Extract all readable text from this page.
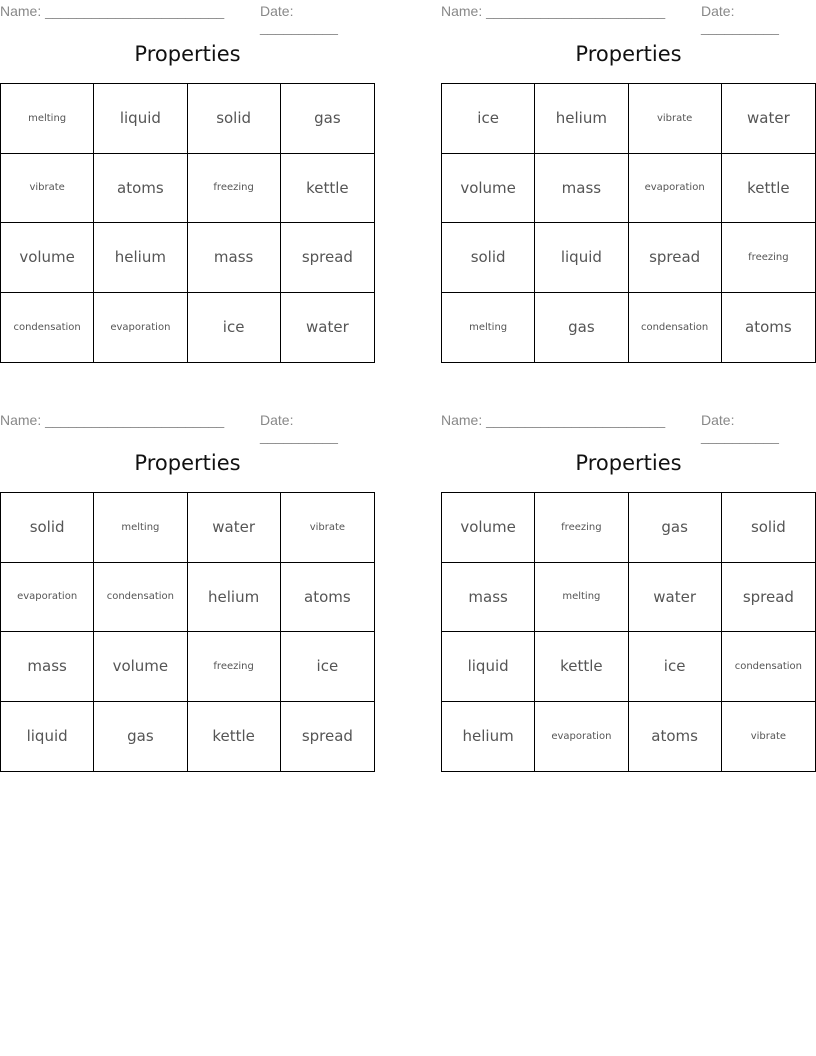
Name: _______________________	Date: __________
Properties
melting	liquid	solid	gas
vibrate	atoms	freezing	kettle
volume	helium	mass	spread
condensation	evaporation	ice	water
Name: _______________________	Date: __________
Properties
ice	helium	vibrate	water
volume	mass	evaporation	kettle
solid	liquid	spread	freezing
melting	gas	condensation	atoms
Name: _______________________	Date: __________
Properties
solid	melting	water	vibrate
evaporation	condensation	helium	atoms
mass	volume	freezing	ice
liquid	gas	kettle	spread
Name: _______________________	Date: __________
Properties
volume	freezing	gas	solid
mass	melting	water	spread
liquid	kettle	ice	condensation
helium	evaporation	atoms	vibrate
